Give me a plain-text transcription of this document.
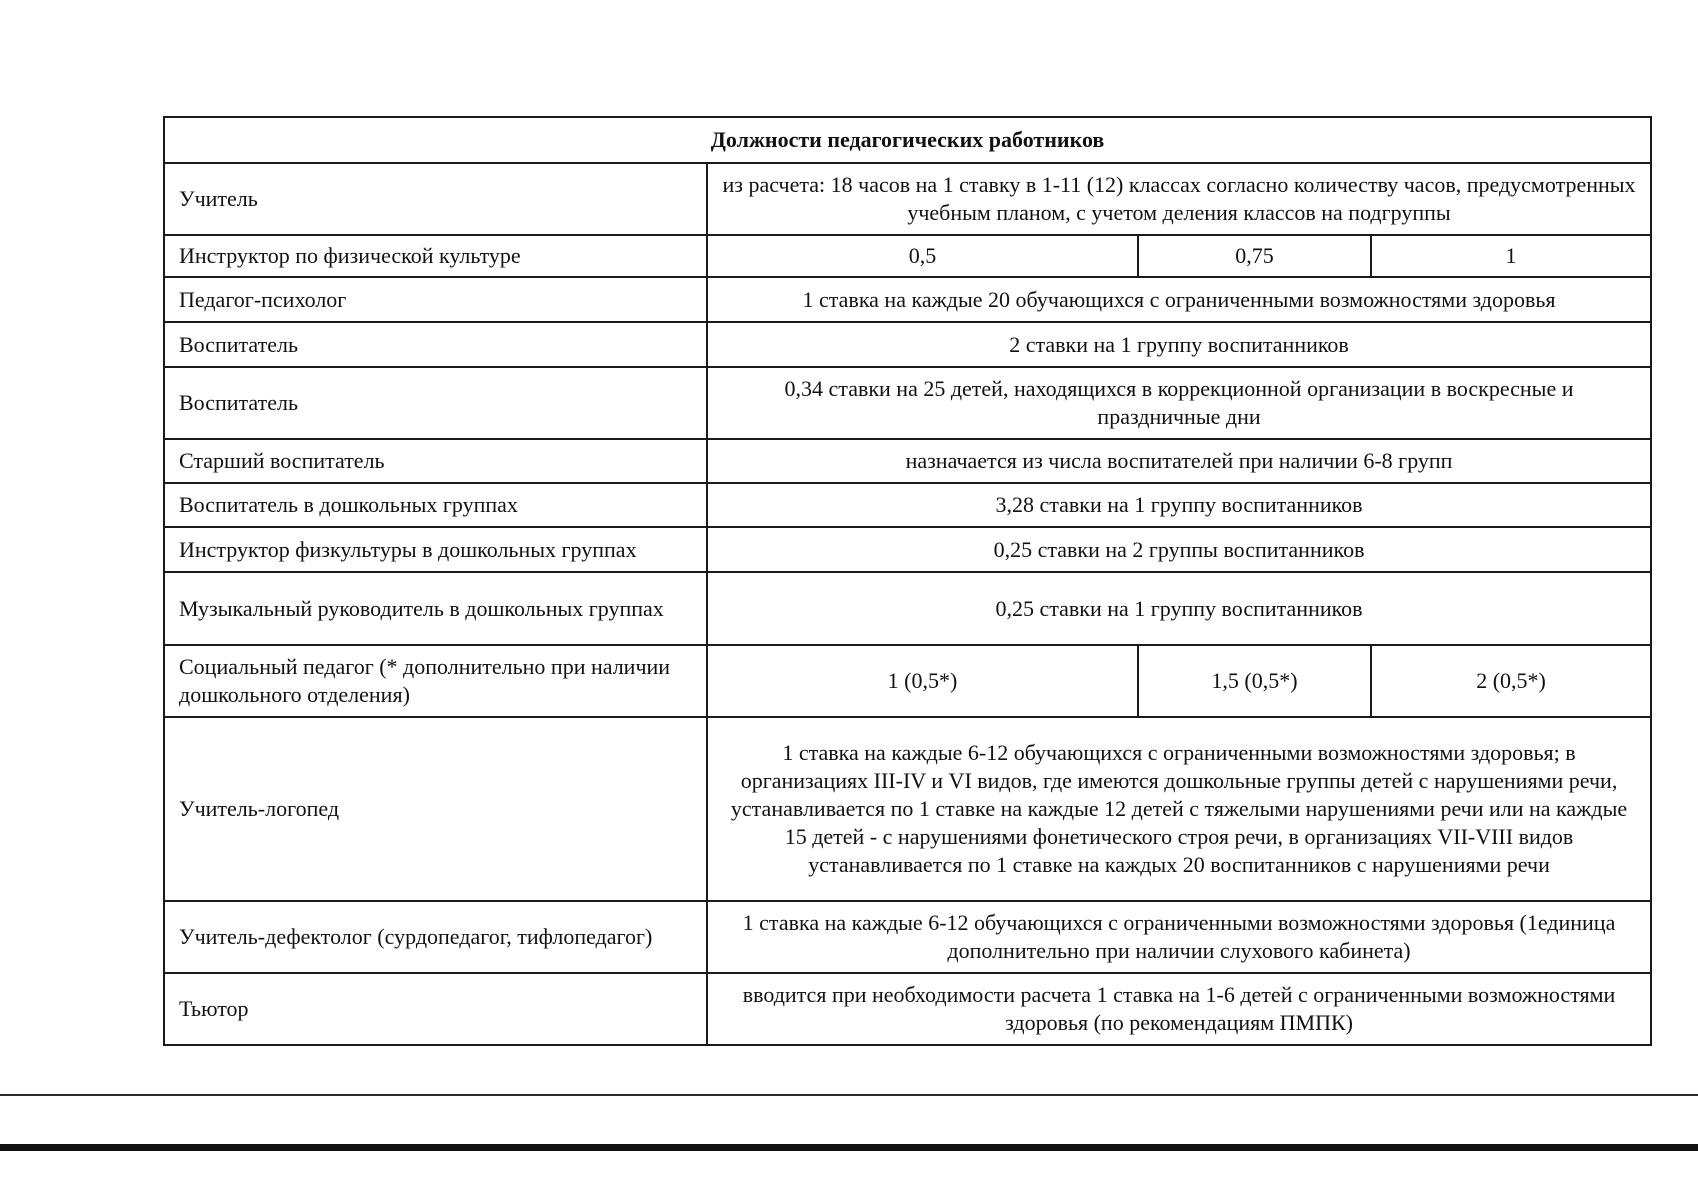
Должности педагогических работников			
Учитель	из расчета: 18 часов на 1 ставку в 1-11 (12) классах согласно количеству часов, предусмотренных учебным планом, с учетом деления классов на подгруппы		
Инструктор по физической культуре	0,5	0,75	1
Педагог-психолог	1 ставка на каждые 20 обучающихся с ограниченными возможностями здоровья		
Воспитатель	2 ставки на 1 группу воспитанников		
Воспитатель	0,34 ставки на 25 детей, находящихся в коррекционной организации в воскресные и праздничные дни		
Старший воспитатель	назначается из числа воспитателей при наличии 6-8 групп		
Воспитатель в дошкольных группах	3,28 ставки на 1 группу воспитанников		
Инструктор физкультуры в дошкольных группах	0,25 ставки на 2 группы воспитанников		
Музыкальный руководитель в дошкольных группах	0,25 ставки на 1 группу воспитанников		
Социальный педагог (* дополнительно при наличии дошкольного отделения)	1 (0,5*)	1,5 (0,5*)	2 (0,5*)
Учитель-логопед	1 ставка на каждые 6-12 обучающихся с ограниченными возможностями здоровья; в организациях III-IV и VI видов, где имеются дошкольные группы детей с нарушениями речи, устанавливается по 1 ставке на каждые 12 детей с тяжелыми нарушениями речи или на каждые 15 детей - с нарушениями фонетического строя речи, в организациях VII-VIII видов устанавливается по 1 ставке на каждых 20 воспитанников с нарушениями речи		
Учитель-дефектолог (сурдопедагог, тифлопедагог)	1 ставка на каждые 6-12 обучающихся с ограниченными возможностями здоровья (1единица дополнительно при наличии слухового кабинета)		
Тьютор	вводится при необходимости расчета 1 ставка на 1-6 детей с ограниченными возможностями здоровья (по рекомендациям ПМПК)		
